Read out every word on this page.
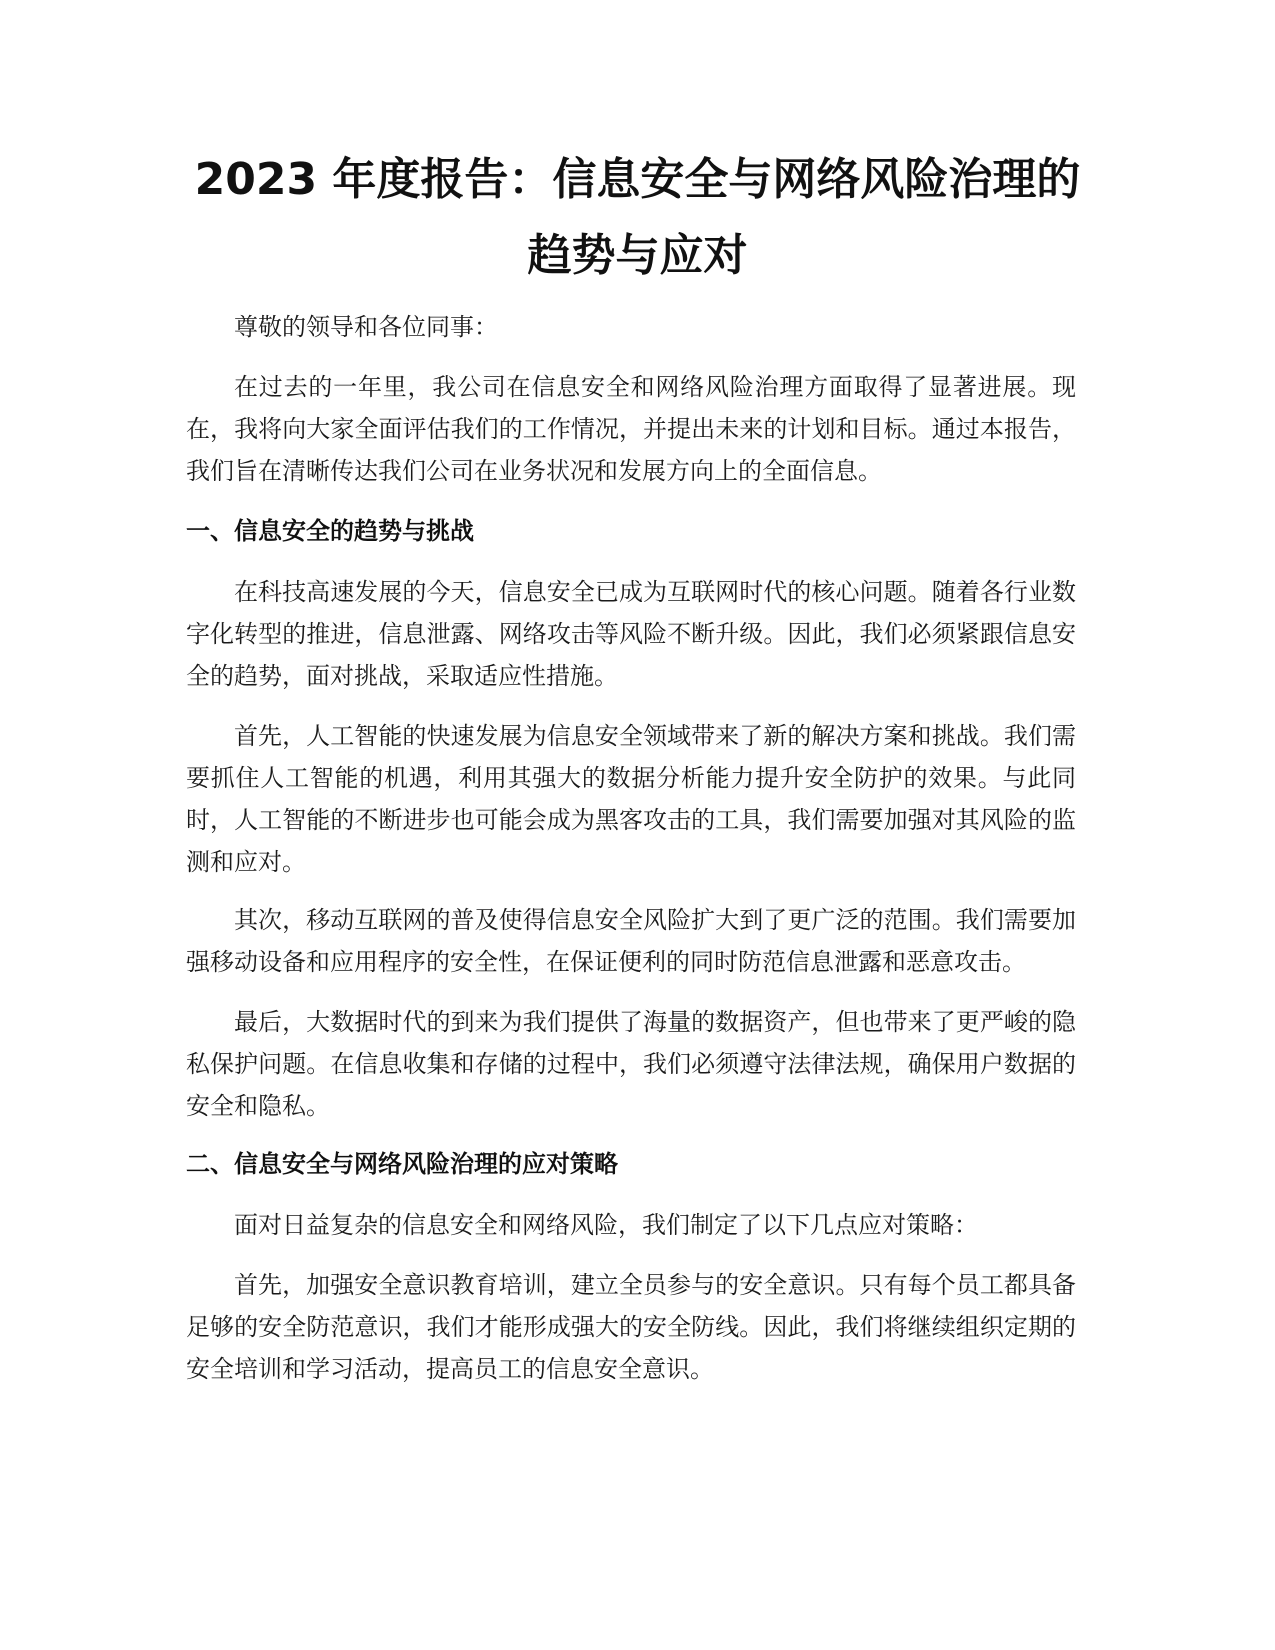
2023 年度报告：信息安全与网络风险治理的
趋势与应对

尊敬的领导和各位同事：

在过去的一年里，我公司在信息安全和网络风险治理方面取得了显著进展。现在，我将向大家全面评估我们的工作情况，并提出未来的计划和目标。通过本报告，我们旨在清晰传达我们公司在业务状况和发展方向上的全面信息。

一、信息安全的趋势与挑战

在科技高速发展的今天，信息安全已成为互联网时代的核心问题。随着各行业数字化转型的推进，信息泄露、网络攻击等风险不断升级。因此，我们必须紧跟信息安全的趋势，面对挑战，采取适应性措施。

首先，人工智能的快速发展为信息安全领域带来了新的解决方案和挑战。我们需要抓住人工智能的机遇，利用其强大的数据分析能力提升安全防护的效果。与此同时，人工智能的不断进步也可能会成为黑客攻击的工具，我们需要加强对其风险的监测和应对。

其次，移动互联网的普及使得信息安全风险扩大到了更广泛的范围。我们需要加强移动设备和应用程序的安全性，在保证便利的同时防范信息泄露和恶意攻击。

最后，大数据时代的到来为我们提供了海量的数据资产，但也带来了更严峻的隐私保护问题。在信息收集和存储的过程中，我们必须遵守法律法规，确保用户数据的安全和隐私。

二、信息安全与网络风险治理的应对策略

面对日益复杂的信息安全和网络风险，我们制定了以下几点应对策略：

首先，加强安全意识教育培训，建立全员参与的安全意识。只有每个员工都具备足够的安全防范意识，我们才能形成强大的安全防线。因此，我们将继续组织定期的安全培训和学习活动，提高员工的信息安全意识。
